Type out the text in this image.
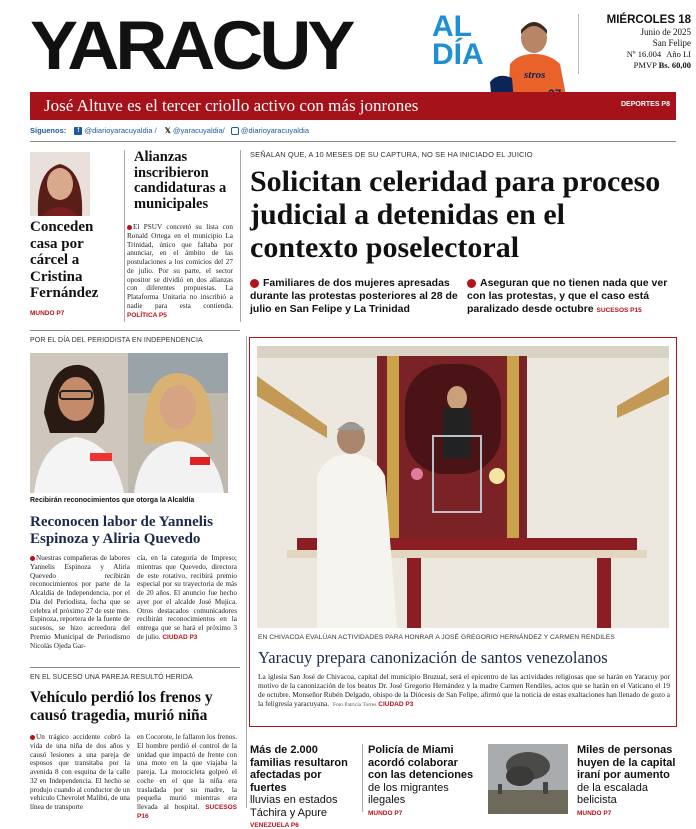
YARACUY	AL
DÍA
stros
MIÉRCOLES 18
Junio de 2025
San Felipe
Nº 16.004 Año LI
PMVP Bs. 60,00
José Altuve es el tercer criollo activo con más jonrones	DEPORTES P8
Síguenos: f @diarioyaracuyaldia / 𝕏 @yaracuyaldia/ @diarioyaracuyaldia
Conceden casa por cárcel a Cristina Fernández
MUNDO P7
Alianzas inscribieron candidaturas a municipales
El PSUV concretó su lista con Ronald Ortega en el municipio La Trinidad, único que faltaba por anunciar, en el ámbito de las postulaciones a los comicios del 27 de julio. Por su parte, el sector opositor se dividió en dos alianzas con diferentes propuestas. La Plataforma Unitaria no inscribió a nadie para esta contienda. POLÍTICA P5
SEÑALAN QUE, A 10 MESES DE SU CAPTURA, NO SE HA INICIADO EL JUICIO
Solicitan celeridad para proceso judicial a detenidas en el contexto poselectoral
Familiares de dos mujeres apresadas durante las protestas posteriores al 28 de julio en San Felipe y La Trinidad
Aseguran que no tienen nada que ver con las protestas, y que el caso está paralizado desde octubre SUCESOS P15
POR EL DÍA DEL PERIODISTA EN INDEPENDENCIA
Recibirán reconocimientos que otorga la Alcaldía
Reconocen labor de Yannelis Espinoza y Aliria Quevedo
Nuestras compañeras de labores Yannelis Espinoza y Aliria Quevedo recibirán reconocimientos por parte de la Alcaldía de Independencia, por el Día del Periodista, fecha que se celebra el próximo 27 de este mes. Espinoza, reportera de la fuente de sucesos, se hizo acreedora del Premio Municipal de Periodismo Nicolás Ojeda Gar-
cía, en la categoría de Impreso; mientras que Quevedo, directora de este rotativo, recibirá premio especial por su trayectoria de más de 20 años. El anuncio fue hecho ayer por el alcalde José Mujica. Otros destacados comunicadores recibirán reconocimientos en la entrega que se hará el próximo 3 de julio. CIUDAD P3
EN EL SUCESO UNA PAREJA RESULTÓ HERIDA
Vehículo perdió los frenos y causó tragedia, murió niña
Un trágico accidente cobró la vida de una niña de dos años y causó lesiones a una pareja de esposos que transitaba por la avenida 8 con esquina de la calle 32 en Independencia. El hecho se produjo cuando al conductor de un vehículo Chevrolet Malibú, de una línea de transporte
en Cocorote, le fallaron los frenos. El hombre perdió el control de la unidad que impactó de frente con una moto en la que viajaba la pareja. La motocicleta golpeó el coche en el que la niña era trasladada por su madre, la pequeña murió mientras era llevada al hospital. SUCESOS P16
EN CHIVACOA EVALÚAN ACTIVIDADES PARA HONRAR A JOSÉ GREGORIO HERNÁNDEZ Y CARMEN RENDILES
Yaracuy prepara canonización de santos venezolanos
La iglesia San José de Chivacoa, capital del municipio Bruzual, será el epicentro de las actividades religiosas que se harán en Yaracuy por motivo de la canonización de los beatos Dr. José Gregorio Hernández y la madre Carmen Rendiles, actos que se harán en el Vaticano el 19 de octubre. Monseñor Rubén Delgado, obispo de la Diócesis de San Felipe, afirmó que la noticia de estas exaltaciones han llenado de gozo a la feligresía yaracuyana. Foto Patricia Torres CIUDAD P3
Más de 2.000 familias resultaron afectadas por fuertes
lluvias en estados Táchira y Apure
VENEZUELA P6
Policía de Miami acordó colaborar con las detenciones
de los migrantes ilegales
MUNDO P7
Miles de personas huyen de la capital iraní por aumento
de la escalada belicista
MUNDO P7
